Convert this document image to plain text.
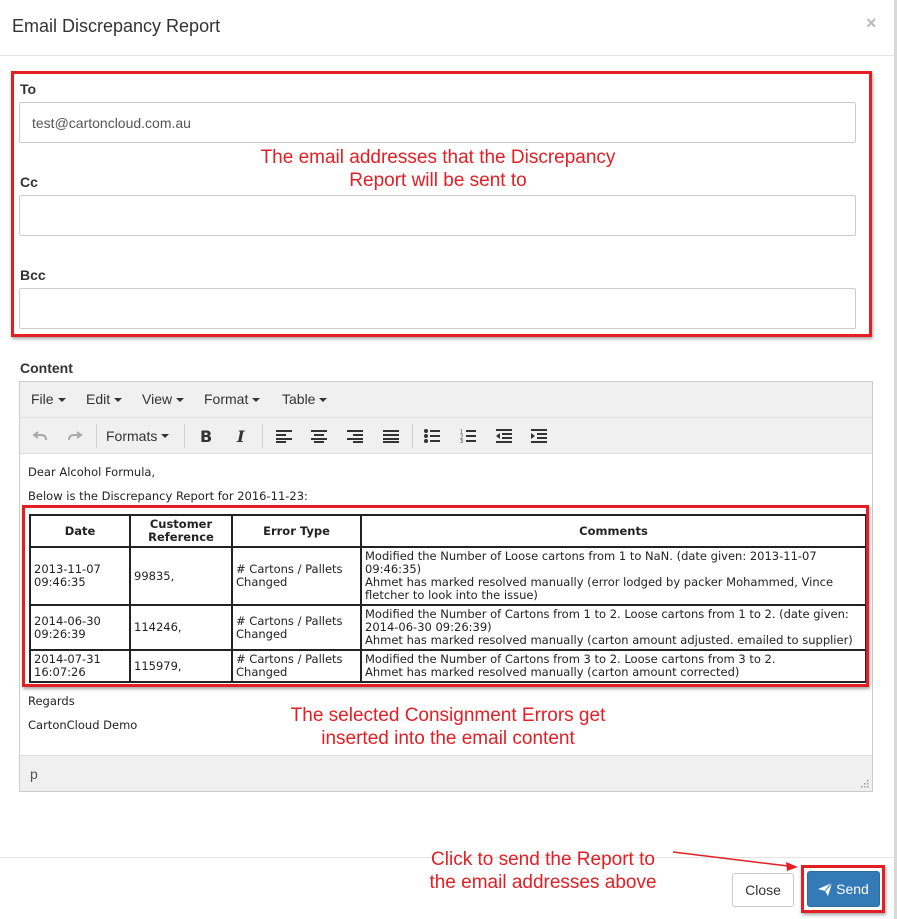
Email Discrepancy Report	×
To
test@cartoncloud.com.au
Cc
Bcc
The email addresses that the Discrepancy
Report will be sent to
Content
File	Edit	View	Format	Table
Formats	B I	1
2
3
Dear Alcohol Formula,
Below is the Discrepancy Report for 2016-11-23:
Date	Customer Reference	Error Type	Comments
2013-11-07 09:46:35	99835,	# Cartons / Pallets Changed	Modified the Number of Loose cartons from 1 to NaN. (date given: 2013-11-07 09:46:35)
Ahmet has marked resolved manually (error lodged by packer Mohammed, Vince fletcher to look into the issue)

2014-06-30 09:26:39	114246,	# Cartons / Pallets Changed	Modified the Number of Cartons from 1 to 2. Loose cartons from 1 to 2. (date given: 2014-06-30 09:26:39)
Ahmet has marked resolved manually (carton amount adjusted. emailed to supplier)

2014-07-31 16:07:26	115979,	# Cartons / Pallets Changed	Modified the Number of Cartons from 3 to 2. Loose cartons from 3 to 2.
Ahmet has marked resolved manually (carton amount corrected)
Regards
CartonCloud Demo
p
The selected Consignment Errors get
inserted into the email content
Click to send the Report to
the email addresses above	Close	Send
